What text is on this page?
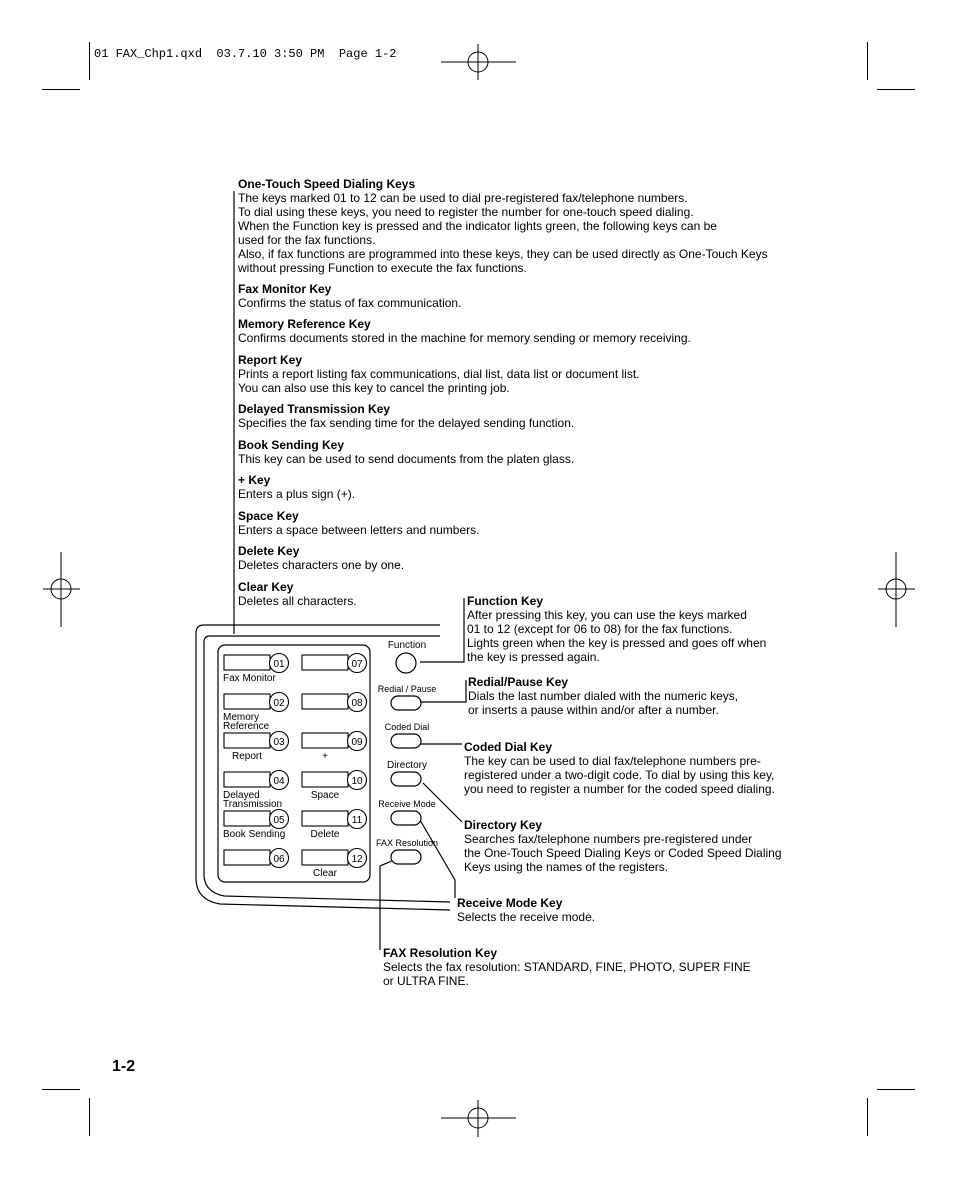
01 FAX_Chp1.qxd  03.7.10 3:50 PM  Page 1-2
One-Touch Speed Dialing Keys
The keys marked 01 to 12 can be used to dial pre-registered fax/telephone numbers.
To dial using these keys, you need to register the number for one-touch speed dialing.
When the Function key is pressed and the indicator lights green, the following keys can be
used for the fax functions.
Also, if fax functions are programmed into these keys, they can be used directly as One-Touch Keys
without pressing Function to execute the fax functions.
Fax Monitor Key
Confirms the status of fax communication.
Memory Reference Key
Confirms documents stored in the machine for memory sending or memory receiving.
Report Key
Prints a report listing fax communications, dial list, data list or document list.
You can also use this key to cancel the printing job.
Delayed Transmission Key
Specifies the fax sending time for the delayed sending function.
Book Sending Key
This key can be used to send documents from the platen glass.
+ Key
Enters a plus sign (+).
Space Key
Enters a space between letters and numbers.
Delete Key
Deletes characters one by one.
Clear Key
Deletes all characters.	Function Key
After pressing this key, you can use the keys marked
01 to 12 (except for 06 to 08) for the fax functions.
Lights green when the key is pressed and goes off when
the key is pressed again.
Redial/Pause Key
Dials the last number dialed with the numeric keys,
or inserts a pause within and/or after a number.
Coded Dial Key
The key can be used to dial fax/telephone numbers pre-
registered under a two-digit code. To dial by using this key,
you need to register a number for the coded speed dialing.
Directory Key
Searches fax/telephone numbers pre-registered under
the One-Touch Speed Dialing Keys or Coded Speed Dialing
Keys using the names of the registers.
Receive Mode Key
Selects the receive mode.
FAX Resolution Key
Selects the fax resolution: STANDARD, FINE, PHOTO, SUPER FINE
or ULTRA FINE.
01
Fax Monitor
02
Memory
Reference
03
Report
04
Delayed
Transmission
05
Book Sending
06
07
08
09
+
10
Space
11
Delete
12
Clear
Function
Redial / Pause
Coded Dial
Directory
Receive Mode
FAX Resolution
1-2
